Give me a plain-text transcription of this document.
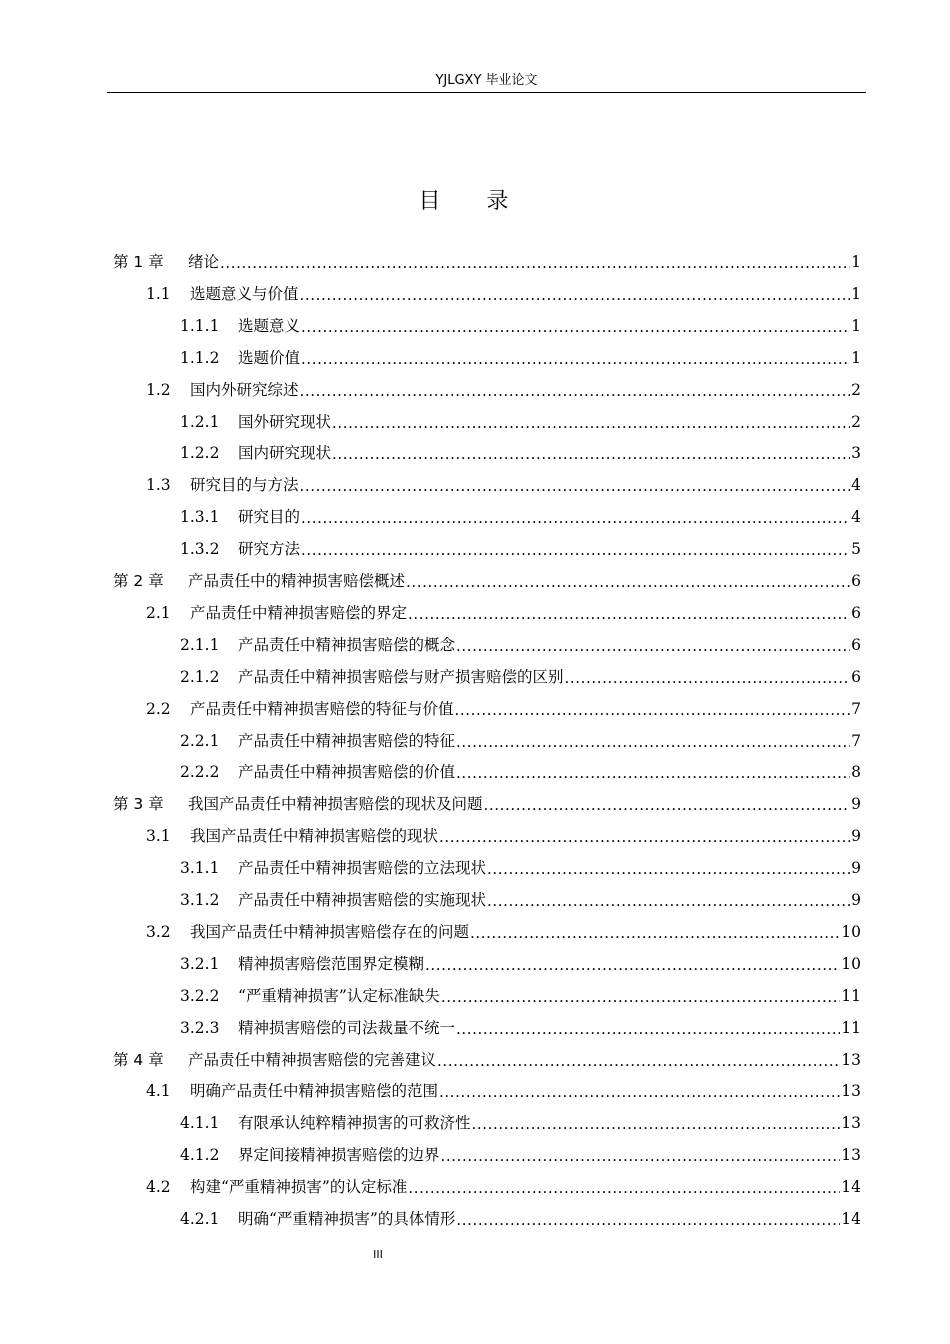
YJLGXY 毕业论文
目录
第 1 章	绪论 .....	1
1.1	选题意义与价值 .....	1
1.1.1	选题意义 .....	1
1.1.2	选题价值 .....	1
1.2	国内外研究综述 .....	2
1.2.1	国外研究现状 .....	2
1.2.2	国内研究现状 .....	3
1.3	研究目的与方法 .....	4
1.3.1	研究目的 .....	4
1.3.2	研究方法 .....	5
第 2 章	产品责任中的精神损害赔偿概述 .....	6
2.1	产品责任中精神损害赔偿的界定 .....	6
2.1.1	产品责任中精神损害赔偿的概念 .....	6
2.1.2	产品责任中精神损害赔偿与财产损害赔偿的区别 .....	6
2.2	产品责任中精神损害赔偿的特征与价值 .....	7
2.2.1	产品责任中精神损害赔偿的特征 .....	7
2.2.2	产品责任中精神损害赔偿的价值 .....	8
第 3 章	我国产品责任中精神损害赔偿的现状及问题 .....	9
3.1	我国产品责任中精神损害赔偿的现状 .....	9
3.1.1	产品责任中精神损害赔偿的立法现状 .....	9
3.1.2	产品责任中精神损害赔偿的实施现状 .....	9
3.2	我国产品责任中精神损害赔偿存在的问题 .....	10
3.2.1	精神损害赔偿范围界定模糊 .....	10
3.2.2	“严重精神损害”认定标准缺失 .....	11
3.2.3	精神损害赔偿的司法裁量不统一 .....	11
第 4 章	产品责任中精神损害赔偿的完善建议 .....	13
4.1	明确产品责任中精神损害赔偿的范围 .....	13
4.1.1	有限承认纯粹精神损害的可救济性 .....	13
4.1.2	界定间接精神损害赔偿的边界 .....	13
4.2	构建“严重精神损害”的认定标准 .....	14
4.2.1	明确“严重精神损害”的具体情形 .....	14
III
